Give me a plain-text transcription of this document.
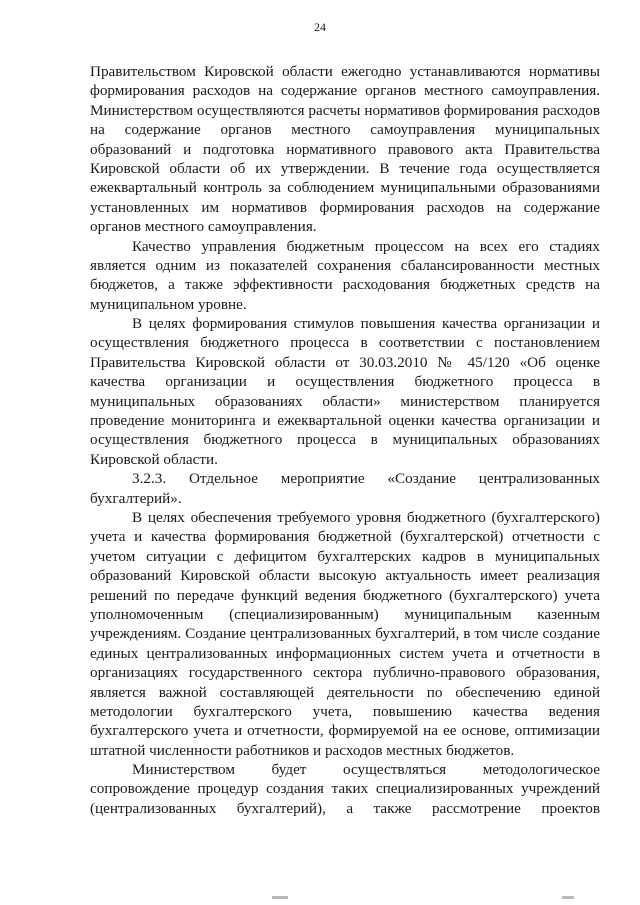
24
Правительством Кировской области ежегодно устанавливаются нормативы
формирования расходов на содержание органов местного самоуправления.
Министерством осуществляются расчеты нормативов формирования расходов
на содержание органов местного самоуправления муниципальных
образований и подготовка нормативного правового акта Правительства
Кировской области об их утверждении. В течение года осуществляется
ежеквартальный контроль за соблюдением муниципальными образованиями
установленных им нормативов формирования расходов на содержание
органов местного самоуправления.
Качество управления бюджетным процессом на всех его стадиях
является одним из показателей сохранения сбалансированности местных
бюджетов, а также эффективности расходования бюджетных средств на
муниципальном уровне.
В целях формирования стимулов повышения качества организации и
осуществления бюджетного процесса в соответствии с постановлением
Правительства Кировской области от 30.03.2010 № 45/120 «Об оценке
качества организации и осуществления бюджетного процесса в
муниципальных образованиях области» министерством планируется
проведение мониторинга и ежеквартальной оценки качества организации и
осуществления бюджетного процесса в муниципальных образованиях
Кировской области.
3.2.3. Отдельное мероприятие «Создание централизованных
бухгалтерий».
В целях обеспечения требуемого уровня бюджетного (бухгалтерского)
учета и качества формирования бюджетной (бухгалтерской) отчетности с
учетом ситуации с дефицитом бухгалтерских кадров в муниципальных
образований Кировской области высокую актуальность имеет реализация
решений по передаче функций ведения бюджетного (бухгалтерского) учета
уполномоченным (специализированным) муниципальным казенным
учреждениям. Создание централизованных бухгалтерий, в том числе создание
единых централизованных информационных систем учета и отчетности в
организациях государственного сектора публично-правового образования,
является важной составляющей деятельности по обеспечению единой
методологии бухгалтерского учета, повышению качества ведения
бухгалтерского учета и отчетности, формируемой на ее основе, оптимизации
штатной численности работников и расходов местных бюджетов.
Министерством будет осуществляться методологическое
сопровождение процедур создания таких специализированных учреждений
(централизованных бухгалтерий), а также рассмотрение проектов
